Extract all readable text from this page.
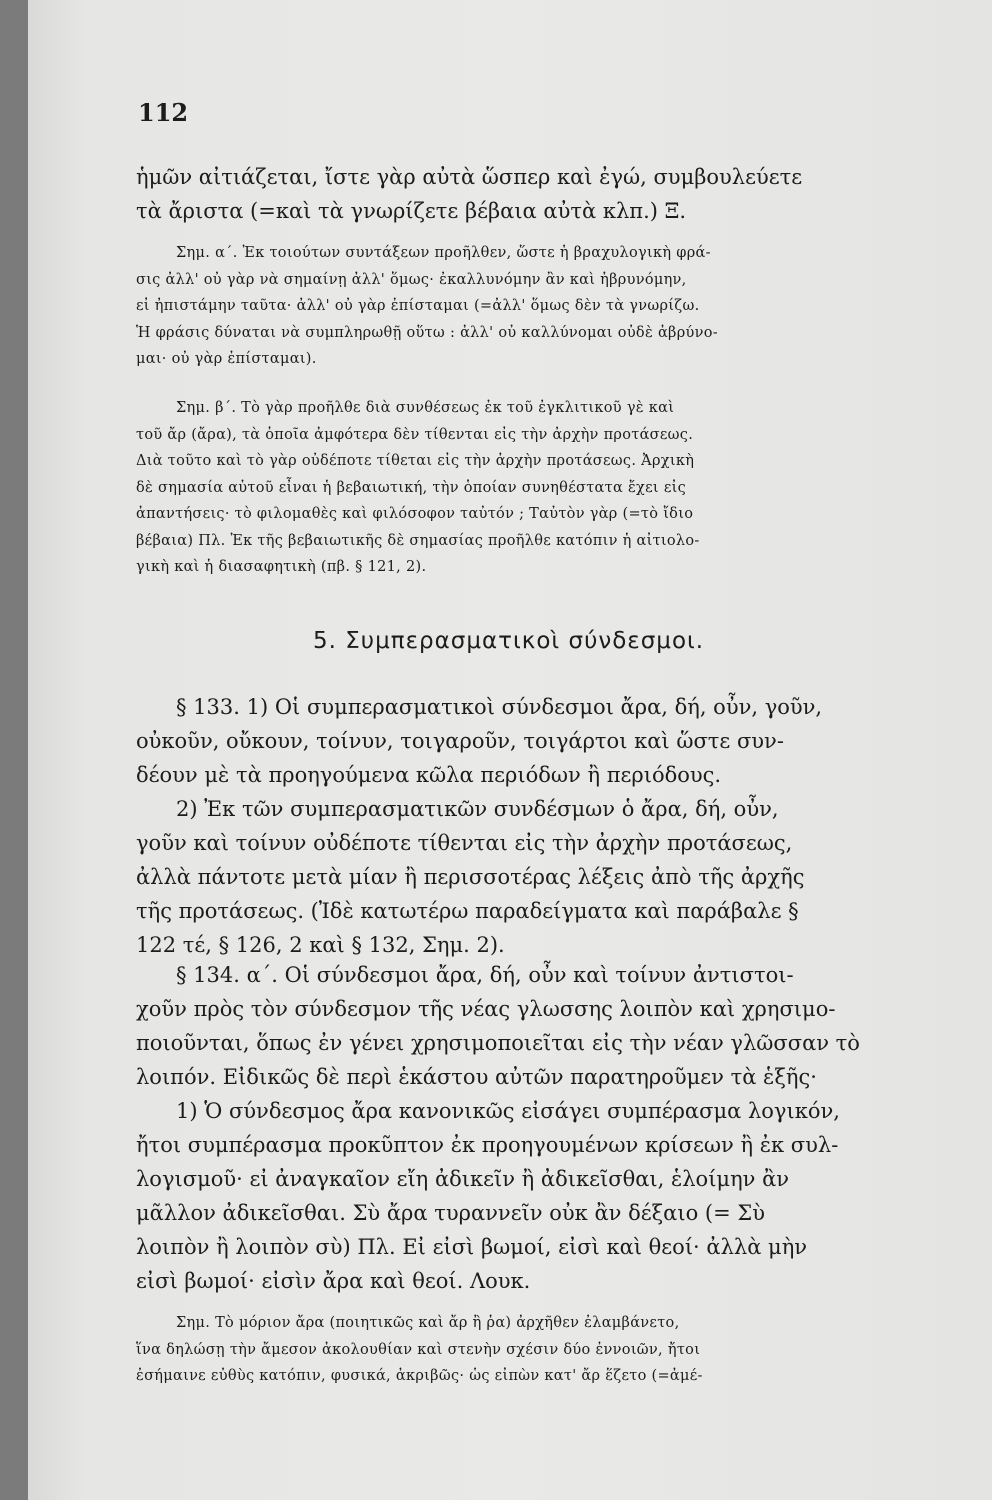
112
ἡμῶν αἰτιάζεται, ἴστε γὰρ αὐτὰ ὥσπερ καὶ ἐγώ, συμβουλεύετε
τὰ ἄριστα (=καὶ τὰ γνωρίζετε βέβαια αὐτὰ κλπ.) Ξ.
Σημ. α΄. Ἐκ τοιούτων συντάξεων προῆλθεν, ὥστε ἡ βραχυλογικὴ φρά-
σις ἀλλ' οὐ γὰρ νὰ σημαίνῃ ἀλλ' ὅμως· ἐκαλλυνόμην ἂν καὶ ἡβρυνόμην,
εἰ ἠπιστάμην ταῦτα· ἀλλ' οὐ γὰρ ἐπίσταμαι (=ἀλλ' ὅμως δὲν τὰ γνωρίζω.
Ἡ φράσις δύναται νὰ συμπληρωθῇ οὕτω : ἀλλ' οὐ καλλύνομαι οὐδὲ ἁβρύνο-
μαι· οὐ γὰρ ἐπίσταμαι).
Σημ. β΄. Τὸ γὰρ προῆλθε διὰ συνθέσεως ἐκ τοῦ ἐγκλιτικοῦ γὲ καὶ
τοῦ ἄρ (ἄρα), τὰ ὁποῖα ἀμφότερα δὲν τίθενται εἰς τὴν ἀρχὴν προτάσεως.
Διὰ τοῦτο καὶ τὸ γὰρ οὐδέποτε τίθεται εἰς τὴν ἀρχὴν προτάσεως. Ἀρχικὴ
δὲ σημασία αὐτοῦ εἶναι ἡ βεβαιωτική, τὴν ὁποίαν συνηθέστατα ἔχει εἰς
ἀπαντήσεις· τὸ φιλομαθὲς καὶ φιλόσοφον ταὐτόν ; Ταὐτὸν γὰρ (=τὸ ἴδιο
βέβαια) Πλ. Ἐκ τῆς βεβαιωτικῆς δὲ σημασίας προῆλθε κατόπιν ἡ αἰτιολο-
γικὴ καὶ ἡ διασαφητικὴ (πβ. § 121, 2).
5. Συμπερασματικοὶ σύνδεσμοι.
§ 133. 1) Οἱ συμπερασματικοὶ σύνδεσμοι ἄρα, δή, οὖν, γοῦν,
οὐκοῦν, οὔκουν, τοίνυν, τοιγαροῦν, τοιγάρτοι καὶ ὥστε συν-
δέουν μὲ τὰ προηγούμενα κῶλα περιόδων ἢ περιόδους.
2) Ἐκ τῶν συμπερασματικῶν συνδέσμων ὁ ἄρα, δή, οὖν,
γοῦν καὶ τοίνυν οὐδέποτε τίθενται εἰς τὴν ἀρχὴν προτάσεως,
ἀλλὰ πάντοτε μετὰ μίαν ἢ περισσοτέρας λέξεις ἀπὸ τῆς ἀρχῆς
τῆς προτάσεως. (Ἰδὲ κατωτέρω παραδείγματα καὶ παράβαλε §
122 τέ, § 126, 2 καὶ § 132, Σημ. 2).
§ 134. α΄. Οἱ σύνδεσμοι ἄρα, δή, οὖν καὶ τοίνυν ἀντιστοι-
χοῦν πρὸς τὸν σύνδεσμον τῆς νέας γλωσσης λοιπὸν καὶ χρησιμο-
ποιοῦνται, ὅπως ἐν γένει χρησιμοποιεῖται εἰς τὴν νέαν γλῶσσαν τὸ
λοιπόν. Εἰδικῶς δὲ περὶ ἑκάστου αὐτῶν παρατηροῦμεν τὰ ἑξῆς·
1) Ὁ σύνδεσμος ἄρα κανονικῶς εἰσάγει συμπέρασμα λογικόν,
ἤτοι συμπέρασμα προκῦπτον ἐκ προηγουμένων κρίσεων ἢ ἐκ συλ-
λογισμοῦ· εἰ ἀναγκαῖον εἴη ἀδικεῖν ἢ ἀδικεῖσθαι, ἑλοίμην ἂν
μᾶλλον ἀδικεῖσθαι. Σὺ ἄρα τυραννεῖν οὐκ ἂν δέξαιο (= Σὺ
λοιπὸν ἢ λοιπὸν σὺ) Πλ. Εἰ εἰσὶ βωμοί, εἰσὶ καὶ θεοί· ἀλλὰ μὴν
εἰσὶ βωμοί· εἰσὶν ἄρα καὶ θεοί. Λουκ.
Σημ. Τὸ μόριον ἄρα (ποιητικῶς καὶ ἄρ ἢ ῥα) ἀρχῆθεν ἐλαμβάνετο,
ἵνα δηλώσῃ τὴν ἄμεσον ἀκολουθίαν καὶ στενὴν σχέσιν δύο ἐννοιῶν, ἤτοι
ἐσήμαινε εὐθὺς κατόπιν, φυσικά, ἀκριβῶς· ὡς εἰπὼν κατ' ἄρ ἕζετο (=ἀμέ-
